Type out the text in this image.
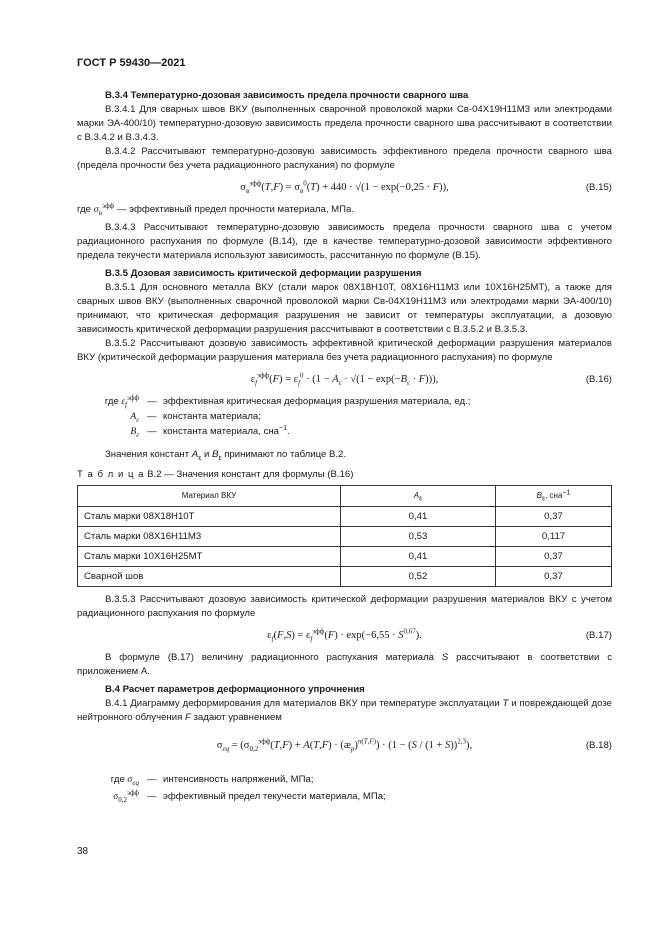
ГОСТ Р 59430—2021

В.3.4 Температурно-дозовая зависимость предела прочности сварного шва

В.3.4.1 Для сварных швов ВКУ (выполненных сварочной проволокой марки Св-04Х19Н11М3 или электродами марки ЭА-400/10) температурно-дозовую зависимость предела прочности сварного шва рассчитывают в соответствии с В.3.4.2 и В.3.4.3.

В.3.4.2 Рассчитывают температурно-дозовую зависимость эффективного предела прочности сварного шва (предела прочности без учета радиационного распухания) по формуле

$\sigma_в^{эфф}(T,F) = \sigma_в^0(T) + 440 \cdot √(1 - \exp(-0,25 \cdot F))$,	(В.15)

где $\sigma_в^{эфф}$ — эффективный предел прочности материала, МПа.

В.3.4.3 Рассчитывают температурно-дозовую зависимость предела прочности сварного шва с учетом радиационного распухания по формуле (В.14), где в качестве температурно-дозовой зависимости эффективного предела текучести материала используют зависимость, рассчитанную по формуле (В.15).

В.3.5 Дозовая зависимость критической деформации разрушения

В.3.5.1 Для основного металла ВКУ (стали марок 08Х18Н10Т, 08Х16Н11М3 или 10Х16Н25МТ), а также для сварных швов ВКУ (выполненных сварочной проволокой марки Св-04Х19Н11М3 или электродами марки ЭА-400/10) принимают, что критическая деформация разрушения не зависит от температуры эксплуатации, а дозовую зависимость критической деформации разрушения рассчитывают в соответствии с В.3.5.2 и В.3.5.3.

В.3.5.2 Рассчитывают дозовую зависимость эффективной критической деформации разрушения материалов ВКУ (критической деформации разрушения материала без учета радиационного распухания) по формуле

$\varepsilon_f^{эфф}(F) = \varepsilon_f^0 \cdot (1 - A_\varepsilon \cdot √(1 - \exp(-B_\varepsilon \cdot F)))$,	(В.16)
где $\varepsilon_f^{эфф}$ — эффективная критическая деформация разрушения материала, ед.;
$A_\varepsilon$ — константа материала;
$B_\varepsilon$ — константа материала, сна$^{-1}$.

Значения констант $A_\varepsilon$ и $B_\varepsilon$ принимают по таблице В.2.

Т а б л и ц а В.2 — Значения констант для формулы (В.16)

Материал ВКУ	$A_\varepsilon$	$B_\varepsilon$, сна$^{-1}$
Сталь марки 08Х18Н10Т	0,41	0,37
Сталь марки 08Х16Н11М3	0,53	0,117
Сталь марки 10Х16Н25МТ	0,41	0,37
Сварной шов	0,52	0,37

В.3.5.3 Рассчитывают дозовую зависимость критической деформации разрушения материалов ВКУ с учетом радиационного распухания по формуле

$\varepsilon_f(F,S) = \varepsilon_f^{эфф}(F) \cdot \exp(-6,55 \cdot S^{0,67})$.	(В.17)

В формуле (В.17) величину радиационного распухания материала S рассчитывают в соответствии с приложением А.

В.4 Расчет параметров деформационного упрочнения

В.4.1 Диаграмму деформирования для материалов ВКУ при температуре эксплуатации T и повреждающей дозе нейтронного облучения F задают уравнением

$\sigma_{eq} = (\sigma_{0,2}^{эфф}(T,F) + A(T,F)$ · $(æ_p)^{n(T,F)}) \cdot (1 - (S / (1 + S))^{2,3})$,	(В.18)
где $\sigma_{eq}$ — интенсивность напряжений, МПа;
$\sigma_{0,2}^{эфф}$ — эффективный предел текучести материала, МПа;
38
